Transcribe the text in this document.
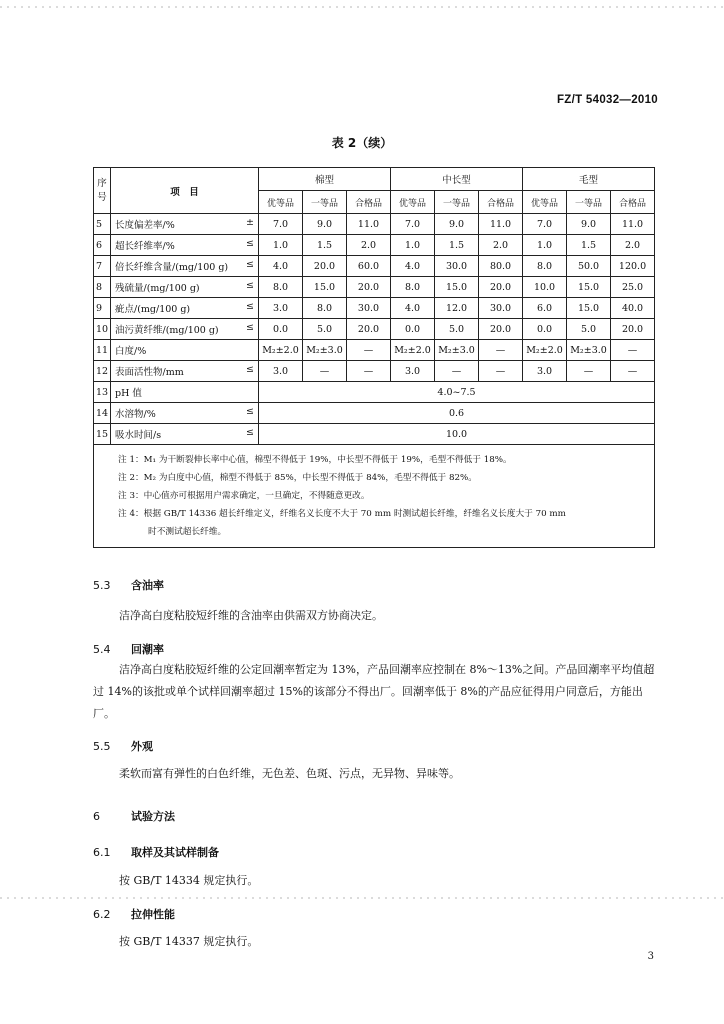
FZ/T 54032—2010
表 2（续）
序号	项　目	棉型			中长型			毛型		
		优等品	一等品	合格品	优等品	一等品	合格品	优等品	一等品	合格品
5	长度偏差率/% ±	7.0	9.0	11.0	7.0	9.0	11.0	7.0	9.0	11.0
6	超长纤维率/% ≤	1.0	1.5	2.0	1.0	1.5	2.0	1.0	1.5	2.0
7	倍长纤维含量/(mg/100 g) ≤	4.0	20.0	60.0	4.0	30.0	80.0	8.0	50.0	120.0
8	残硫量/(mg/100 g) ≤	8.0	15.0	20.0	8.0	15.0	20.0	10.0	15.0	25.0
9	疵点/(mg/100 g) ≤	3.0	8.0	30.0	4.0	12.0	30.0	6.0	15.0	40.0
10	油污黄纤维/(mg/100 g) ≤	0.0	5.0	20.0	0.0	5.0	20.0	0.0	5.0	20.0
11	白度/%	M₂±2.0	M₂±3.0	—	M₂±2.0	M₂±3.0	—	M₂±2.0	M₂±3.0	—
12	表面活性物/mm ≤	3.0	—	—	3.0	—	—	3.0	—	—
13	pH 值	4.0~7.5								
14	水溶物/% ≤	0.6								
15	吸水时间/s ≤	10.0								

注 1：M₁ 为干断裂伸长率中心值，棉型不得低于 19%，中长型不得低于 19%，毛型不得低于 18%。
注 2：M₂ 为白度中心值，棉型不得低于 85%，中长型不得低于 84%，毛型不得低于 82%。
注 3：中心值亦可根据用户需求确定，一旦确定，不得随意更改。
注 4：根据 GB/T 14336 超长纤维定义，纤维名义长度不大于 70 mm 时测试超长纤维，纤维名义长度大于 70 mm
时不测试超长纤维。										
5.3 含油率
洁净高白度粘胶短纤维的含油率由供需双方协商决定。
5.4 回潮率
洁净高白度粘胶短纤维的公定回潮率暂定为 13%，产品回潮率应控制在 8%～13%之间。产品回潮率平均值超过 14%的该批或单个试样回潮率超过 15%的该部分不得出厂。回潮率低于 8%的产品应征得用户同意后，方能出厂。
5.5 外观
柔软而富有弹性的白色纤维，无色差、色斑、污点，无异物、异味等。
6	试验方法
6.1 取样及其试样制备
按 GB/T 14334 规定执行。
6.2 拉伸性能
按 GB/T 14337 规定执行。
3
